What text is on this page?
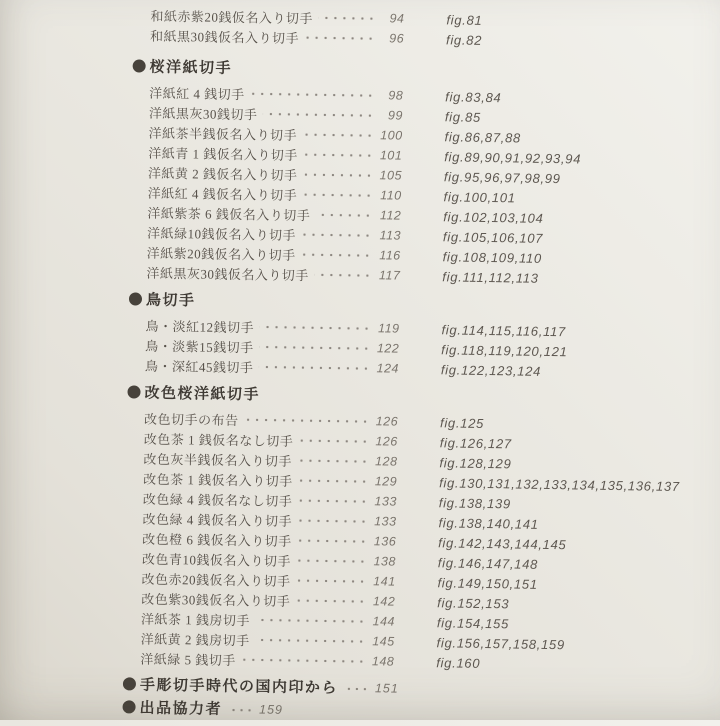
和紙赤紫20銭仮名入り切手	94	fig.81
和紙黒30銭仮名入り切手	96	fig.82
桜洋紙切手
洋紙紅 4 銭切手	98	fig.83,84
洋紙黒灰30銭切手	99	fig.85
洋紙茶半銭仮名入り切手	100	fig.86,87,88
洋紙青 1 銭仮名入り切手	101	fig.89,90,91,92,93,94
洋紙黄 2 銭仮名入り切手	105	fig.95,96,97,98,99
洋紙紅 4 銭仮名入り切手	110	fig.100,101
洋紙紫茶 6 銭仮名入り切手	112	fig.102,103,104
洋紙緑10銭仮名入り切手	113	fig.105,106,107
洋紙紫20銭仮名入り切手	116	fig.108,109,110
洋紙黒灰30銭仮名入り切手	117	fig.111,112,113
鳥切手
鳥・淡紅12銭切手	119	fig.114,115,116,117
鳥・淡紫15銭切手	122	fig.118,119,120,121
鳥・深紅45銭切手	124	fig.122,123,124
改色桜洋紙切手
改色切手の布告	126	fig.125
改色茶 1 銭仮名なし切手	126	fig.126,127
改色灰半銭仮名入り切手	128	fig.128,129
改色茶 1 銭仮名入り切手	129	fig.130,131,132,133,134,135,136,137
改色緑 4 銭仮名なし切手	133	fig.138,139
改色緑 4 銭仮名入り切手	133	fig.138,140,141
改色橙 6 銭仮名入り切手	136	fig.142,143,144,145
改色青10銭仮名入り切手	138	fig.146,147,148
改色赤20銭仮名入り切手	141	fig.149,150,151
改色紫30銭仮名入り切手	142	fig.152,153
洋紙茶 1 銭房切手	144	fig.154,155
洋紙黄 2 銭房切手	145	fig.156,157,158,159
洋紙緑 5 銭切手	148	fig.160
手彫切手時代の国内印から	151
出品協力者	159
